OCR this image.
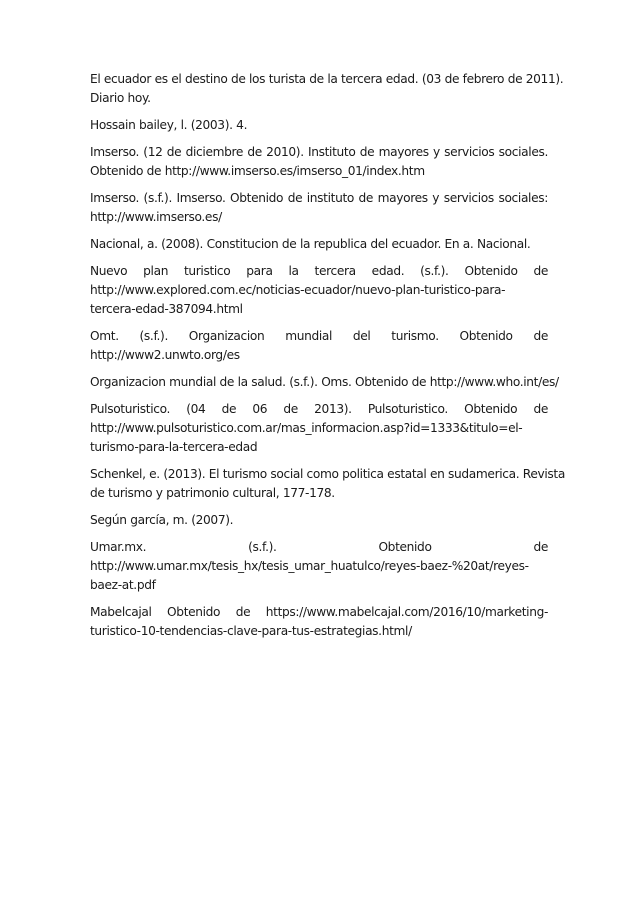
El ecuador es el destino de los turista de la tercera edad. (03 de febrero de 2011).
Diario hoy.

Hossain bailey, l. (2003). 4.

Imserso. (12 de diciembre de 2010). Instituto de mayores y servicios sociales.
Obtenido de http://www.imserso.es/imserso_01/index.htm

Imserso. (s.f.). Imserso. Obtenido de instituto de mayores y servicios sociales:
http://www.imserso.es/

Nacional, a. (2008). Constitucion de la republica del ecuador. En a. Nacional.

Nuevo plan turistico para la tercera edad. (s.f.). Obtenido de
http://www.explored.com.ec/noticias-ecuador/nuevo-plan-turistico-para-
tercera-edad-387094.html

Omt. (s.f.). Organizacion mundial del turismo. Obtenido de
http://www2.unwto.org/es

Organizacion mundial de la salud. (s.f.). Oms. Obtenido de http://www.who.int/es/

Pulsoturistico. (04 de 06 de 2013). Pulsoturistico. Obtenido de
http://www.pulsoturistico.com.ar/mas_informacion.asp?id=1333&titulo=el-
turismo-para-la-tercera-edad

Schenkel, e. (2013). El turismo social como politica estatal en sudamerica. Revista
de turismo y patrimonio cultural, 177-178.

Según garcía, m. (2007).

Umar.mx. (s.f.). Obtenido de
http://www.umar.mx/tesis_hx/tesis_umar_huatulco/reyes-baez-%20at/reyes-
baez-at.pdf

Mabelcajal Obtenido de https://www.mabelcajal.com/2016/10/marketing-
turistico-10-tendencias-clave-para-tus-estrategias.html/
